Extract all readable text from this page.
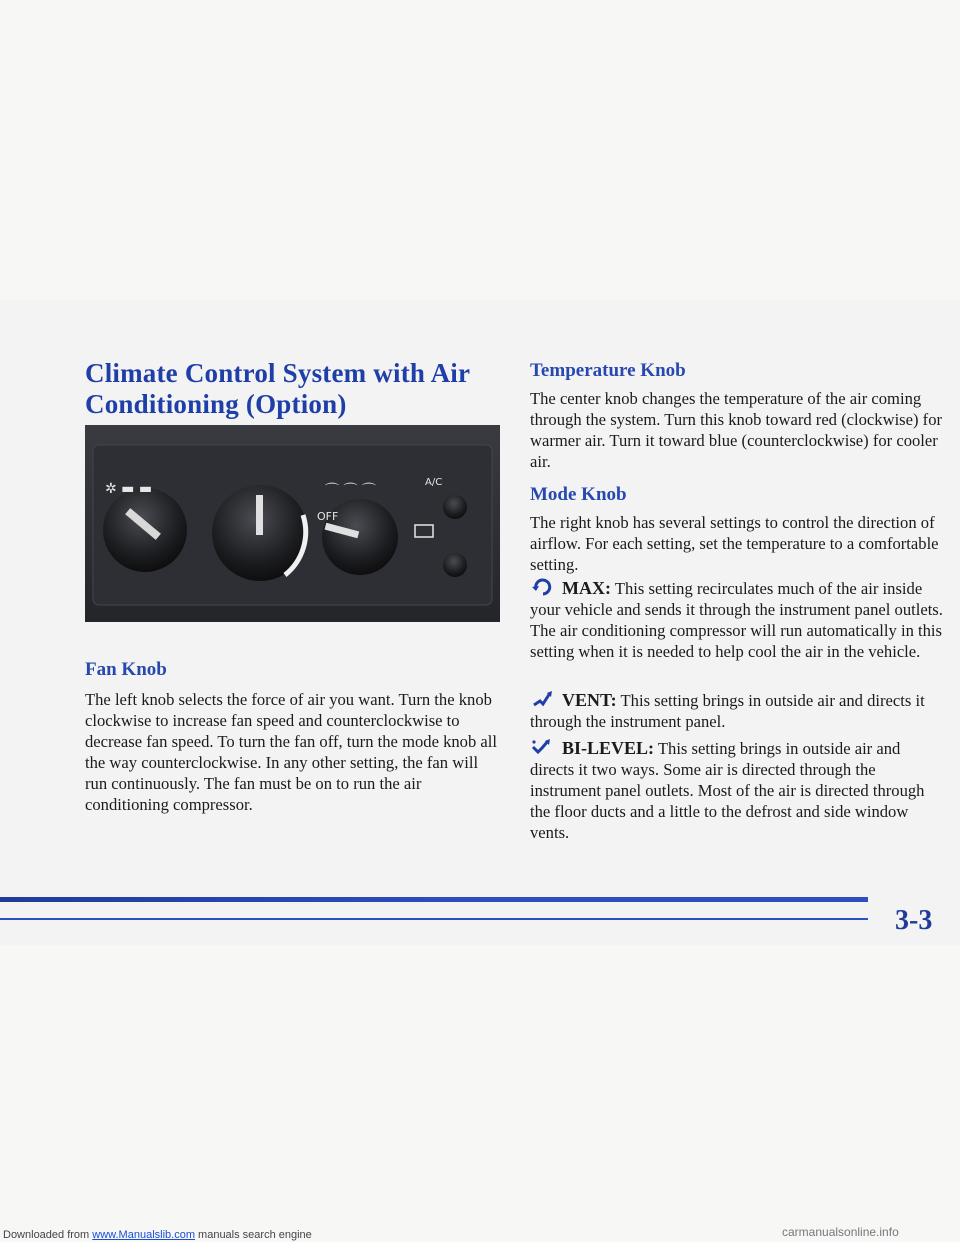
Climate Control System with Air
Conditioning (Option)
✲ ▬ ▬
OFF
⌒ ⌒ ⌒
A/C
Fan Knob

The left knob selects the force of air you want. Turn the knob clockwise to increase fan speed and counterclockwise to decrease fan speed. To turn the fan off, turn the mode knob all the way counterclockwise. In any other setting, the fan will run continuously. The fan must be on to run the air conditioning compressor.

Temperature Knob

The center knob changes the temperature of the air coming through the system. Turn this knob toward red (clockwise) for warmer air. Turn it toward blue (counterclockwise) for cooler air.

Mode Knob

The right knob has several settings to control the direction of airflow. For each setting, set the temperature to a comfortable setting.

MAX: This setting recirculates much of the air inside your vehicle and sends it through the instrument panel outlets. The air conditioning compressor will run automatically in this setting when it is needed to help cool the air in the vehicle.

VENT: This setting brings in outside air and directs it through the instrument panel.

BI-LEVEL: This setting brings in outside air and directs it two ways. Some air is directed through the instrument panel outlets. Most of the air is directed through the floor ducts and a little to the defrost and side window vents.

3-3
Downloaded from www.Manualslib.com manuals search engine	carmanualsonline.info
